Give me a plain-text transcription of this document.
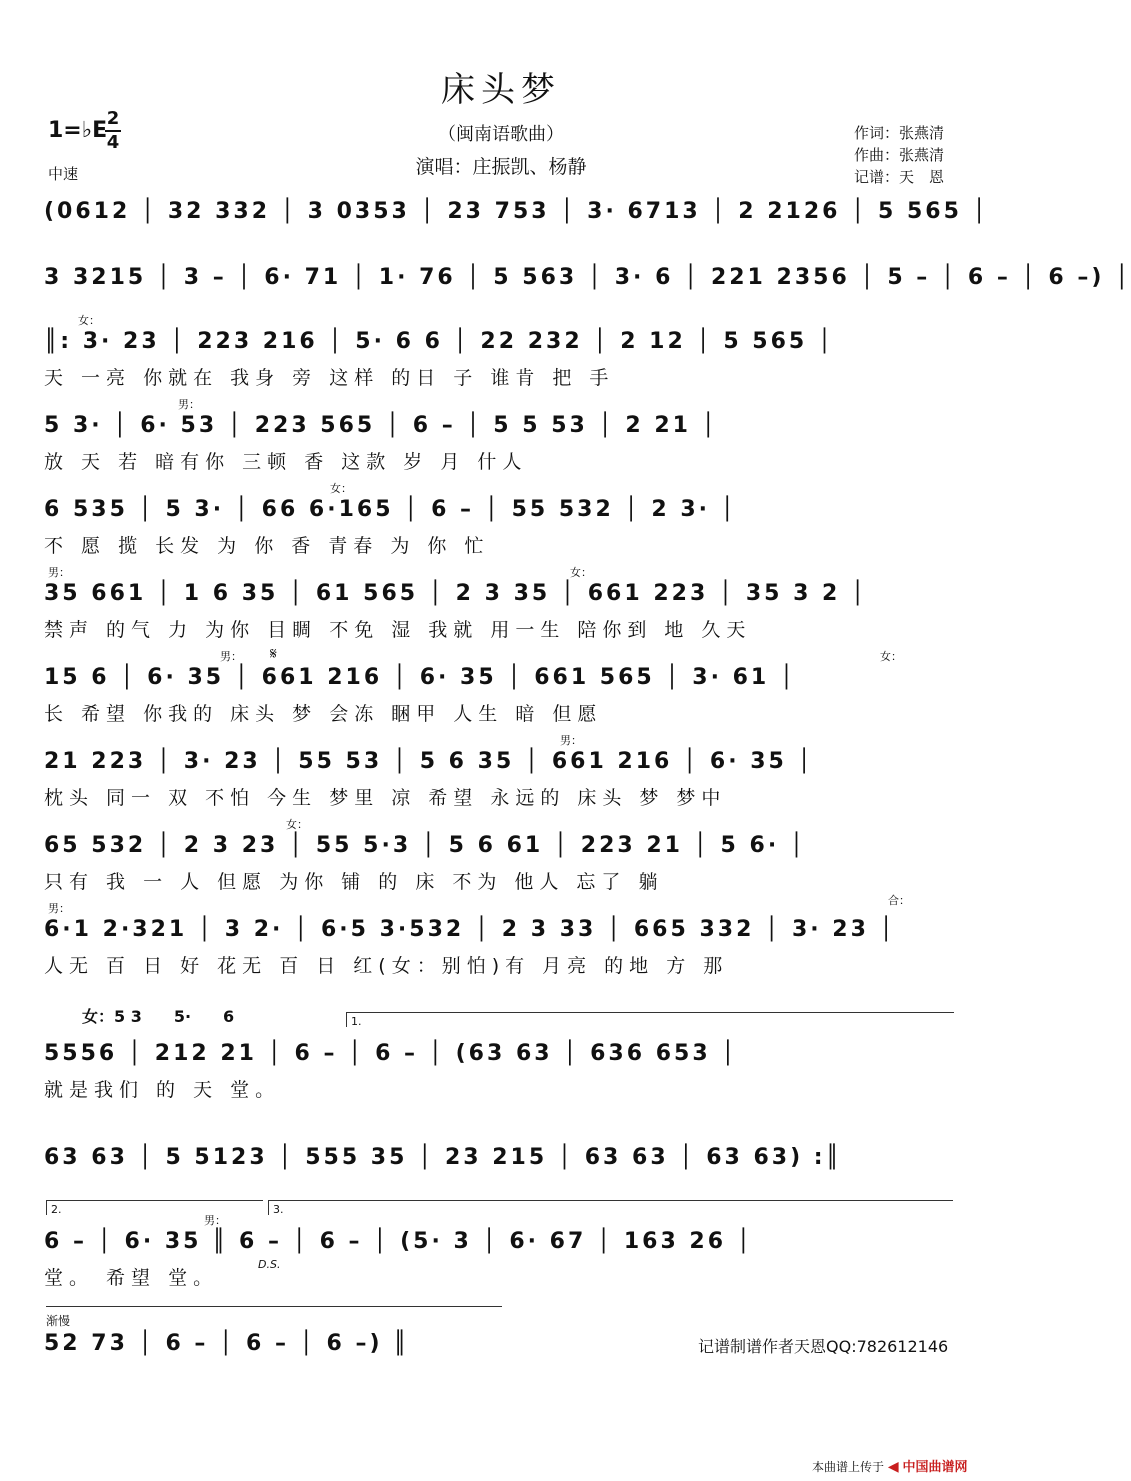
床头梦
1=♭E 2
4
中速
（闽南语歌曲）
演唱：庄振凯、杨静
作词：张燕清
作曲：张燕清
记谱：天　恩
(0612 │ 32 332 │ 3 0353 │ 23 753 │ 3· 6713 │ 2 2126 │ 5 565 │
3 3215 │ 3 – │ 6· 71 │ 1· 76 │ 5 563 │ 3· 6 │ 221 2356 │ 5 – │ 6 – │ 6 –) │
女：
║: 3· 23 │ 223 216 │ 5· 6 6 │ 22 232 │ 2 12 │ 5 565 │
天 一亮 你就在 我身 旁 这样 的日 子 谁肯 把 手
男：
5 3· │ 6· 53 │ 223 565 │ 6 – │ 5 5 53 │ 2 21 │
放 天 若 暗有你 三顿 香 这款 岁 月 什人
女：
6 535 │ 5 3· │ 66 6·165 │ 6 – │ 55 532 │ 2 3· │
不 愿 揽 长发 为 你 香 青春 为 你 忙
男：	女：
35 661 │ 1 6 35 │ 61 565 │ 2 3 35 │ 661 223 │ 35 3 2 │
禁声 的气 力 为你 目睭 不免 湿 我就 用一生 陪你到 地 久天
男： 𝄋	女：
15 6 │ 6· 35 │ 661 216 │ 6· 35 │ 661 565 │ 3· 61 │
长 希望 你我的 床头 梦 会冻 睏甲 人生 暗 但愿
男：
21 223 │ 3· 23 │ 55 53 │ 5 6 35 │ 661 216 │ 6· 35 │
枕头 同一 双 不怕 今生 梦里 凉 希望 永远的 床头 梦 梦中
女：
65 532 │ 2 3 23 │ 55 5·3 │ 5 6 61 │ 223 21 │ 5 6· │
只有 我 一 人 但愿 为你 铺 的 床 不为 他人 忘了 躺
男：
合：
6·1 2·321 │ 3 2· │ 6·5 3·532 │ 2 3 33 │ 665 332 │ 3· 23 │
人无 百 日 好 花无 百 日 红(女：别怕)有 月亮 的地 方 那
女：5 3　　5·　　6	1.
5556 │ 212 21 │ 6 – │ 6 – │ (63 63 │ 636 653 │
就是我们 的 天 堂。
63 63 │ 5 5123 │ 555 35 │ 23 215 │ 63 63 │ 63 63) :║
2.	3.
男：
D.S.
6 – │ 6· 35 ║ 6 – │ 6 – │ (5· 3 │ 6· 67 │ 163 26 │
堂。 希望 堂。
渐慢
52 73 │ 6 – │ 6 – │ 6 –) ║	记谱制谱作者天恩QQ:782612146
本曲谱上传于 ◀ 中国曲谱网
